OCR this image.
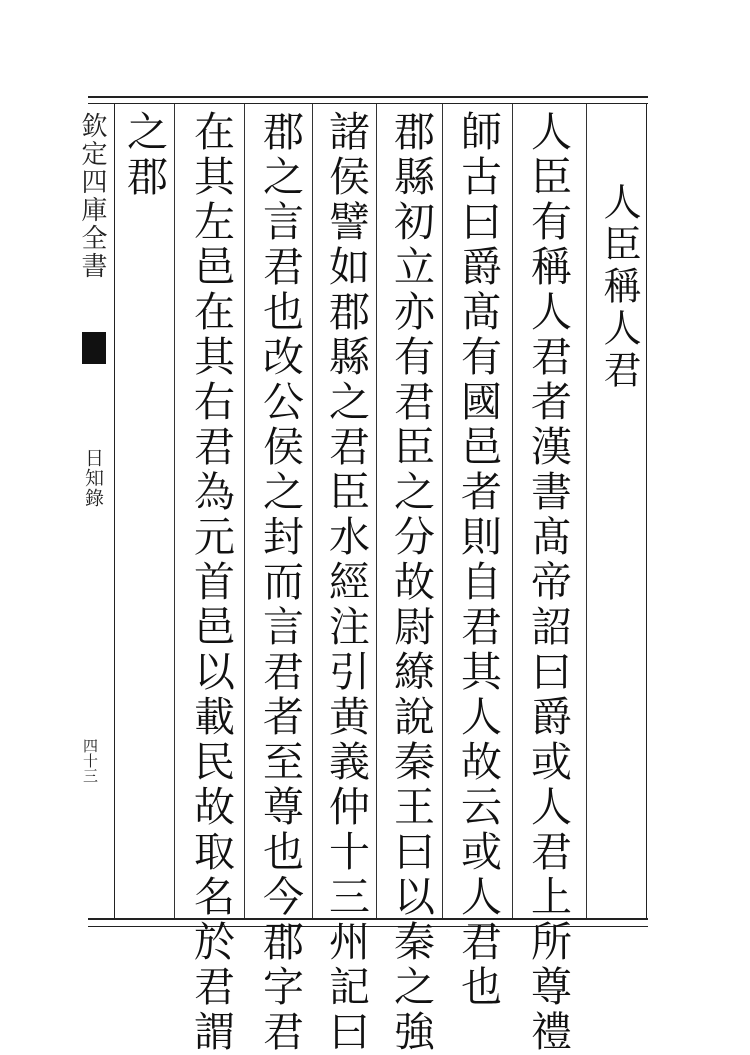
欽定四庫全書
日知錄
四十三
人臣稱人君
人臣有稱人君者漢書髙帝詔曰爵或人君上所尊禮
師古曰爵髙有國邑者則自君其人故云或人君也
郡縣初立亦有君臣之分故尉繚說秦王曰以秦之強
諸侯譬如郡縣之君臣水經注引黄義仲十三州記曰
郡之言君也改公侯之封而言君者至尊也今郡字君
在其左邑在其右君為元首邑以載民故取名於君謂
之郡
